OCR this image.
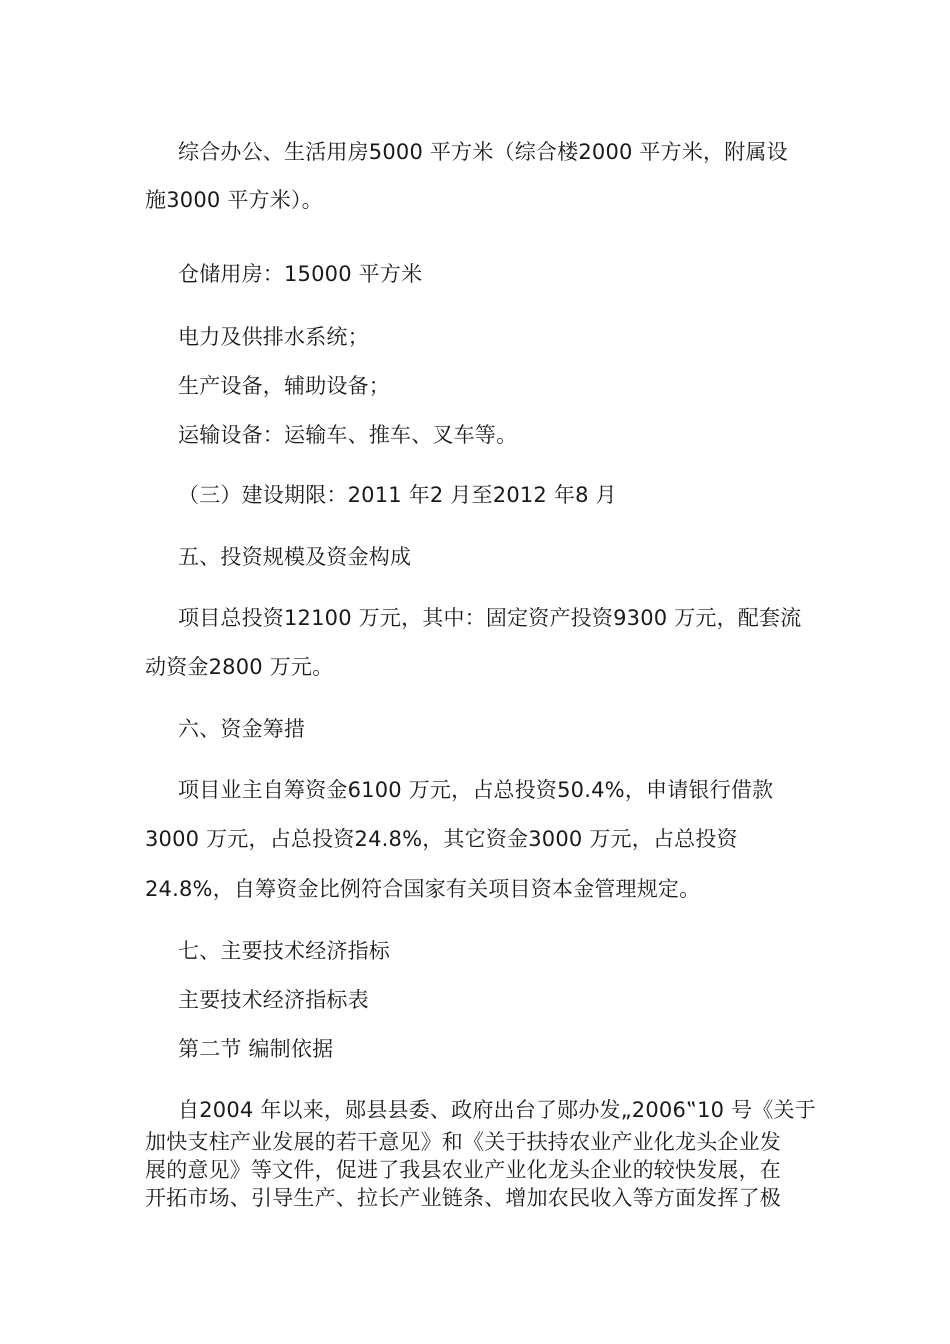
综合办公、生活用房5000 平方米（综合楼2000 平方米，附属设
施3000 平方米）。
仓储用房：15000 平方米
电力及供排水系统；
生产设备，辅助设备；
运输设备：运输车、推车、叉车等。
（三）建设期限：2011 年2 月至2012 年8 月
五、投资规模及资金构成
项目总投资12100 万元，其中：固定资产投资9300 万元，配套流
动资金2800 万元。
六、资金筹措
项目业主自筹资金6100 万元，占总投资50.4%，申请银行借款
3000 万元，占总投资24.8%，其它资金3000 万元，占总投资
24.8%，自筹资金比例符合国家有关项目资本金管理规定。
七、主要技术经济指标
主要技术经济指标表
第二节 编制依据
自2004 年以来，郧县县委、政府出台了郧办发„2006‟10 号《关于
加快支柱产业发展的若干意见》和《关于扶持农业产业化龙头企业发
展的意见》等文件，促进了我县农业产业化龙头企业的较快发展，在
开拓市场、引导生产、拉长产业链条、增加农民收入等方面发挥了极
